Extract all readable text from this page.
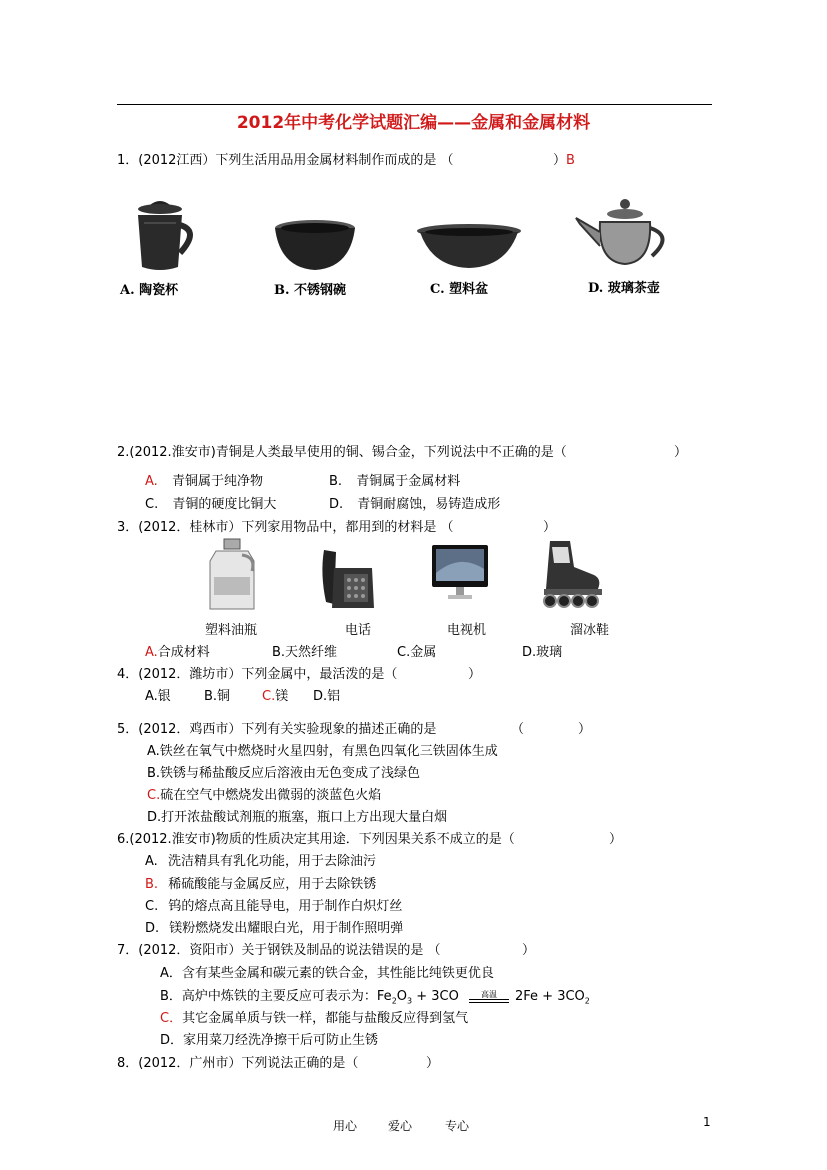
2012年中考化学试题汇编——金属和金属材料
1．(2012江西）下列生活用品用金属材料制作而成的是 （	）B
A. 陶瓷杯	B. 不锈钢碗	C. 塑料盆	D. 玻璃茶壶
2.(2012.淮安市)青铜是人类最早使用的铜、锡合金，下列说法中不正确的是（	）
A. 青铜属于纯净物	B. 青铜属于金属材料
C. 青铜的硬度比铜大	D. 青铜耐腐蚀，易铸造成形
3．(2012．桂林市）下列家用物品中，都用到的材料是 （	）
塑料油瓶	电话	电视机	溜冰鞋
A.合成材料	B.天然纤维	C.金属	D.玻璃
4．(2012．潍坊市）下列金属中，最活泼的是（	）
A.银	B.铜 C.镁 D.铝
5．(2012．鸡西市）下列有关实验现象的描述正确的是	（	）
A.铁丝在氧气中燃烧时火星四射，有黑色四氧化三铁固体生成
B.铁锈与稀盐酸反应后溶液由无色变成了浅绿色
C.硫在空气中燃烧发出微弱的淡蓝色火焰
D.打开浓盐酸试剂瓶的瓶塞，瓶口上方出现大量白烟
6.(2012.淮安市)物质的性质决定其用途．下列因果关系不成立的是（	）
A. 洗洁精具有乳化功能，用于去除油污
B. 稀硫酸能与金属反应，用于去除铁锈
C. 钨的熔点高且能导电，用于制作白炽灯丝
D. 镁粉燃烧发出耀眼白光，用于制作照明弹
7．(2012．资阳市）关于钢铁及制品的说法错误的是 （	）
A．含有某些金属和碳元素的铁合金，其性能比纯铁更优良
B．高炉中炼铁的主要反应可表示为：$Fe_2O_3 + 3CO$	高温	$2Fe + 3CO_2$
C．其它金属单质与铁一样，都能与盐酸反应得到氢气
D．家用菜刀经洗净擦干后可防止生锈
8．(2012．广州市）下列说法正确的是（	）
用心	爱心	专心	1
